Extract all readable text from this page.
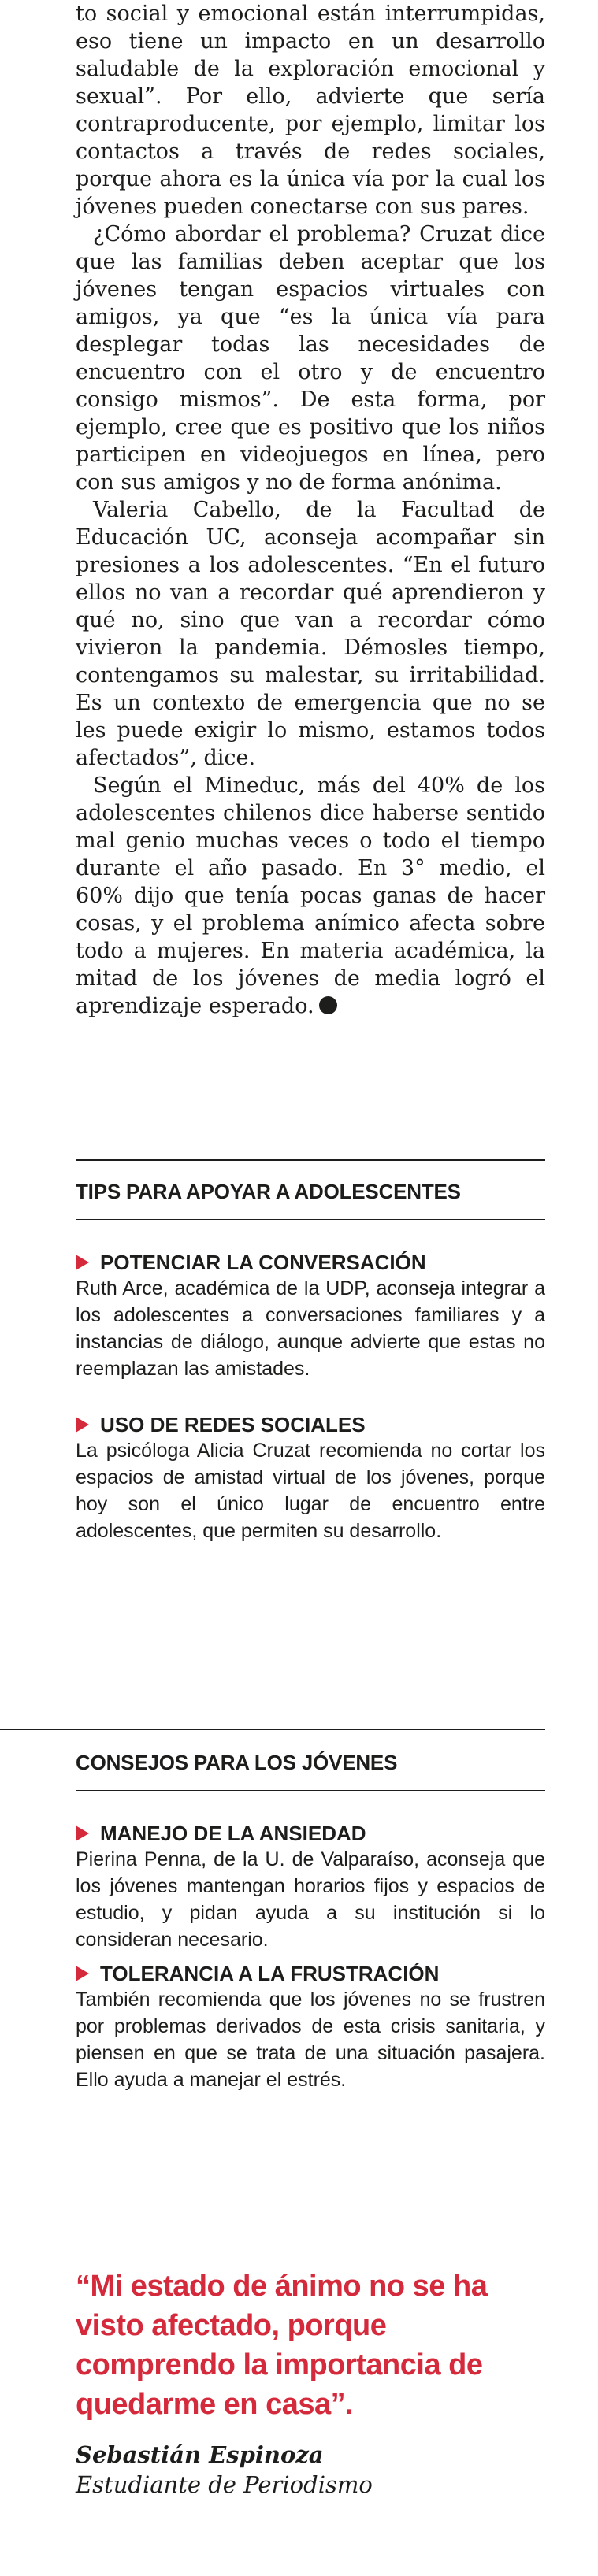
to social y emocional están interrumpidas, eso tiene un impacto en un desarrollo saludable de la exploración emocional y sexual”. Por ello, advierte que sería contraproducente, por ejemplo, limitar los contactos a través de redes sociales, porque ahora es la única vía por la cual los jóvenes pueden conectarse con sus pares.

¿Cómo abordar el problema? Cruzat dice que las familias deben aceptar que los jóvenes tengan espacios virtuales con amigos, ya que “es la única vía para desplegar todas las necesidades de encuentro con el otro y de encuentro consigo mismos”. De esta forma, por ejemplo, cree que es positivo que los niños participen en videojuegos en línea, pero con sus amigos y no de forma anónima.

Valeria Cabello, de la Facultad de Educación UC, aconseja acompañar sin presiones a los adolescentes. “En el futuro ellos no van a recordar qué aprendieron y qué no, sino que van a recordar cómo vivieron la pandemia. Démosles tiempo, contengamos su malestar, su irritabilidad. Es un contexto de emergencia que no se les puede exigir lo mismo, estamos todos afectados”, dice.

Según el Mineduc, más del 40% de los adolescentes chilenos dice haberse sentido mal genio muchas veces o todo el tiempo durante el año pasado. En 3° medio, el 60% dijo que tenía pocas ganas de hacer cosas, y el problema anímico afecta sobre todo a mujeres. En materia académica, la mitad de los jóvenes de media logró el aprendizaje esperado.

TIPS PARA APOYAR A ADOLESCENTES

POTENCIAR LA CONVERSACIÓN

Ruth Arce, académica de la UDP, aconseja integrar a los adolescentes a conversaciones familiares y a instancias de diálogo, aunque advierte que estas no reemplazan las amistades.

USO DE REDES SOCIALES

La psicóloga Alicia Cruzat recomienda no cortar los espacios de amistad virtual de los jóvenes, porque hoy son el único lugar de encuentro entre adolescentes, que permiten su desarrollo.

CONSEJOS PARA LOS JÓVENES

MANEJO DE LA ANSIEDAD

Pierina Penna, de la U. de Valparaíso, aconseja que los jóvenes mantengan horarios fijos y espacios de estudio, y pidan ayuda a su institución si lo consideran necesario.

TOLERANCIA A LA FRUSTRACIÓN

También recomienda que los jóvenes no se frustren por problemas derivados de esta crisis sanitaria, y piensen en que se trata de una situación pasajera. Ello ayuda a manejar el estrés.

“Mi estado de ánimo no se ha visto afectado, porque comprendo la importancia de quedarme en casa”.

Sebastián Espinoza

Estudiante de Periodismo
